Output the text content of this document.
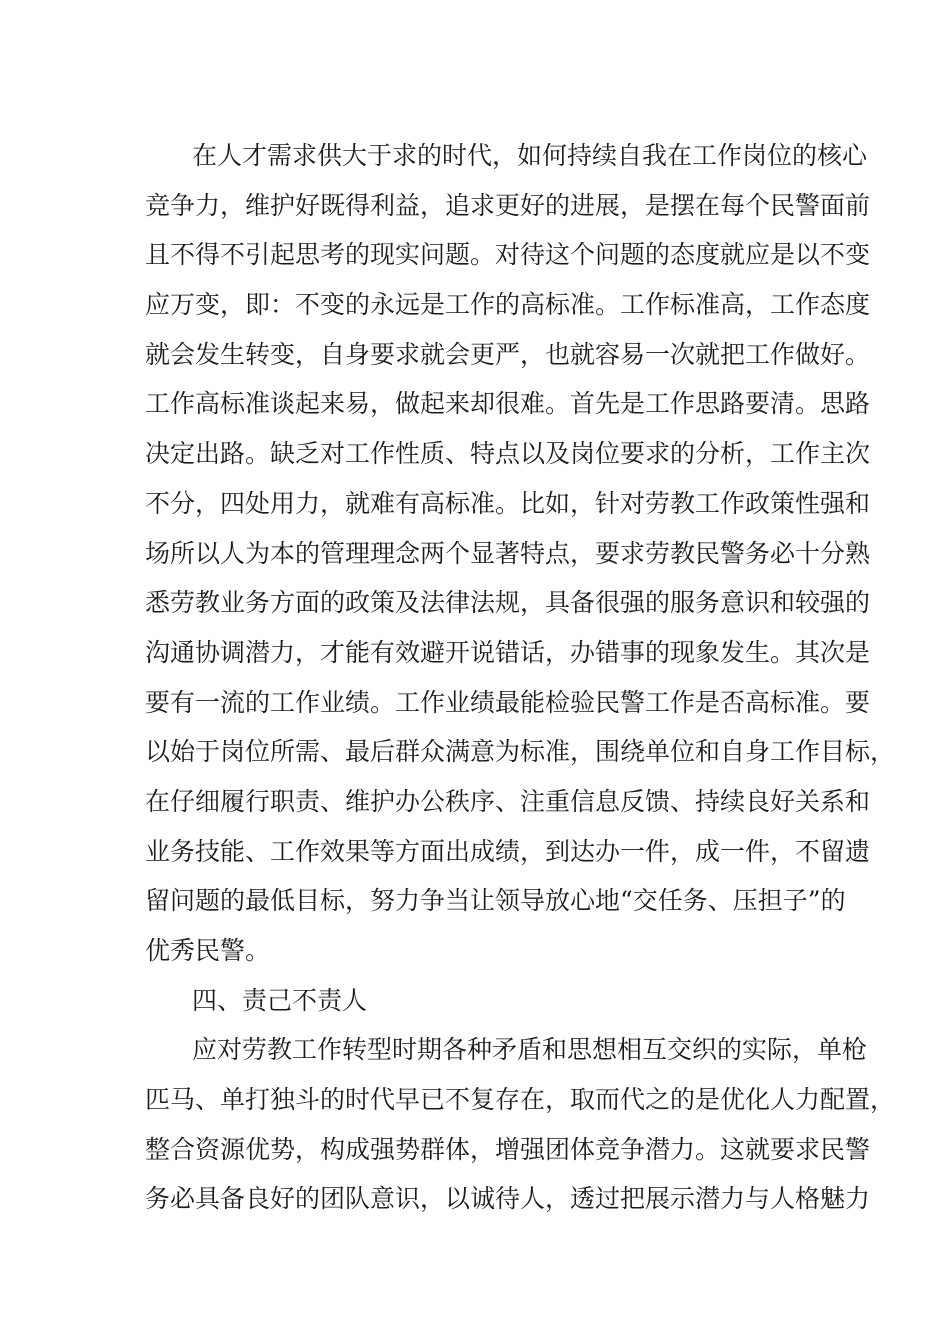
在人才需求供大于求的时代，如何持续自我在工作岗位的核心
竞争力，维护好既得利益，追求更好的进展，是摆在每个民警面前
且不得不引起思考的现实问题。对待这个问题的态度就应是以不变
应万变，即：不变的永远是工作的高标准。工作标准高，工作态度
就会发生转变，自身要求就会更严，也就容易一次就把工作做好。
工作高标准谈起来易，做起来却很难。首先是工作思路要清。思路
决定出路。缺乏对工作性质、特点以及岗位要求的分析，工作主次
不分，四处用力，就难有高标准。比如，针对劳教工作政策性强和
场所以人为本的管理理念两个显著特点，要求劳教民警务必十分熟
悉劳教业务方面的政策及法律法规，具备很强的服务意识和较强的
沟通协调潜力，才能有效避开说错话，办错事的现象发生。其次是
要有一流的工作业绩。工作业绩最能检验民警工作是否高标准。要
以始于岗位所需、最后群众满意为标准，围绕单位和自身工作目标，
在仔细履行职责、维护办公秩序、注重信息反馈、持续良好关系和
业务技能、工作效果等方面出成绩，到达办一件，成一件，不留遗
留问题的最低目标，努力争当让领导放心地“交任务、压担子”的
优秀民警。
四、责己不责人
应对劳教工作转型时期各种矛盾和思想相互交织的实际，单枪
匹马、单打独斗的时代早已不复存在，取而代之的是优化人力配置，
整合资源优势，构成强势群体，增强团体竞争潜力。这就要求民警
务必具备良好的团队意识，以诚待人，透过把展示潜力与人格魅力
